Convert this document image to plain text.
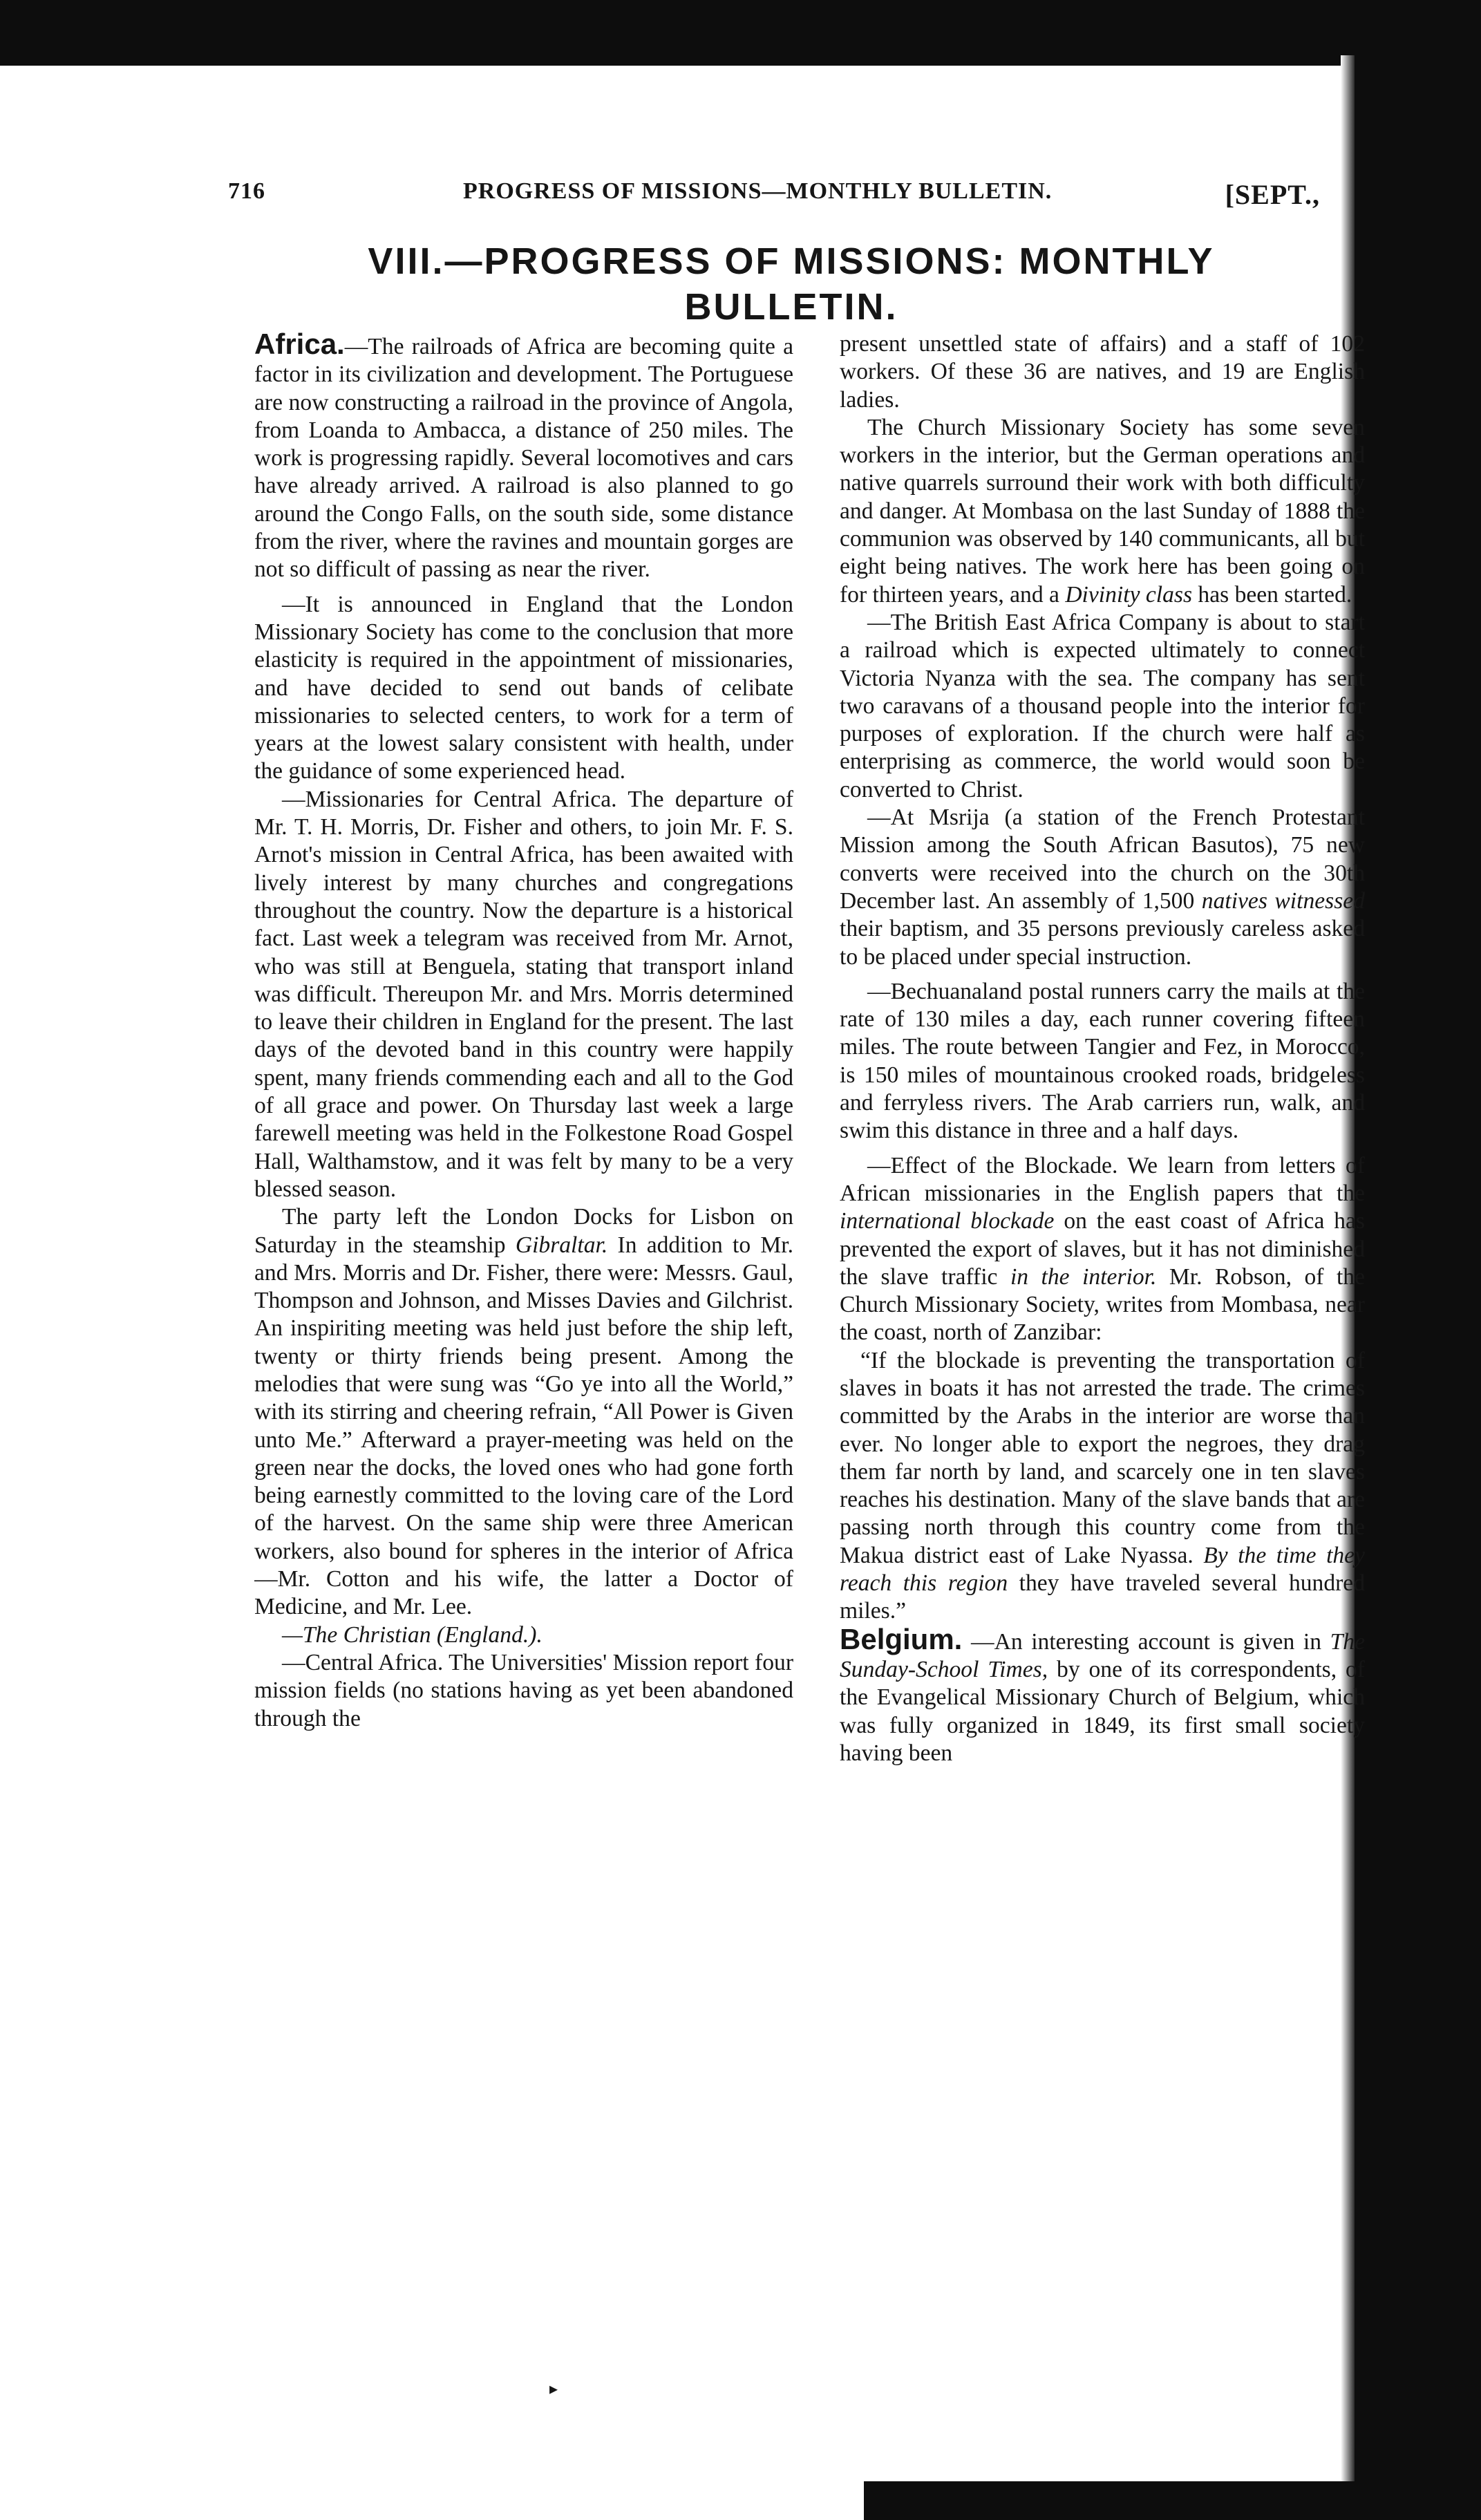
716	PROGRESS OF MISSIONS—MONTHLY BULLETIN.	[SEPT.,
VIII.—PROGRESS OF MISSIONS: MONTHLY BULLETIN.

Africa.—The railroads of Africa are becoming quite a factor in its civilization and development. The Portuguese are now constructing a railroad in the province of Angola, from Loanda to Ambacca, a distance of 250 miles. The work is progressing rapidly. Several locomotives and cars have already arrived. A railroad is also planned to go around the Congo Falls, on the south side, some distance from the river, where the ravines and mountain gorges are not so difficult of passing as near the river.

—It is announced in England that the London Missionary Society has come to the conclusion that more elasticity is required in the appointment of missionaries, and have decided to send out bands of celibate missionaries to selected centers, to work for a term of years at the lowest salary consistent with health, under the guidance of some experienced head.

—Missionaries for Central Africa. The departure of Mr. T. H. Morris, Dr. Fisher and others, to join Mr. F. S. Arnot's mission in Central Africa, has been awaited with lively interest by many churches and congregations throughout the country. Now the departure is a historical fact. Last week a telegram was received from Mr. Arnot, who was still at Benguela, stating that transport inland was difficult. Thereupon Mr. and Mrs. Morris determined to leave their children in England for the present. The last days of the devoted band in this country were happily spent, many friends commending each and all to the God of all grace and power. On Thursday last week a large farewell meeting was held in the Folkestone Road Gospel Hall, Walthamstow, and it was felt by many to be a very blessed season.

The party left the London Docks for Lisbon on Saturday in the steamship Gibraltar. In addition to Mr. and Mrs. Morris and Dr. Fisher, there were: Messrs. Gaul, Thompson and Johnson, and Misses Davies and Gilchrist. An inspiriting meeting was held just before the ship left, twenty or thirty friends being present. Among the melodies that were sung was “Go ye into all the World,” with its stirring and cheering refrain, “All Power is Given unto Me.” Afterward a prayer-meeting was held on the green near the docks, the loved ones who had gone forth being earnestly committed to the loving care of the Lord of the harvest. On the same ship were three American workers, also bound for spheres in the interior of Africa—Mr. Cotton and his wife, the latter a Doctor of Medicine, and Mr. Lee.

—The Christian (England.).

—Central Africa. The Universities' Mission report four mission fields (no stations having as yet been abandoned through the

present unsettled state of affairs) and a staff of 102 workers. Of these 36 are natives, and 19 are English ladies.

The Church Missionary Society has some seven workers in the interior, but the German operations and native quarrels surround their work with both difficulty and danger. At Mombasa on the last Sunday of 1888 the communion was observed by 140 communicants, all but eight being natives. The work here has been going on for thirteen years, and a Divinity class has been started.

—The British East Africa Company is about to start a railroad which is expected ultimately to connect Victoria Nyanza with the sea. The company has sent two caravans of a thousand people into the interior for purposes of exploration. If the church were half as enterprising as commerce, the world would soon be converted to Christ.

—At Msrija (a station of the French Protestant Mission among the South African Basutos), 75 new converts were received into the church on the 30th December last. An assembly of 1,500 natives witnessed their baptism, and 35 persons previously careless asked to be placed under special instruction.

—Bechuanaland postal runners carry the mails at the rate of 130 miles a day, each runner covering fifteen miles. The route between Tangier and Fez, in Morocco, is 150 miles of mountainous crooked roads, bridgeless and ferryless rivers. The Arab carriers run, walk, and swim this distance in three and a half days.

—Effect of the Blockade. We learn from letters of African missionaries in the English papers that the international blockade on the east coast of Africa has prevented the export of slaves, but it has not diminished the slave traffic in the interior. Mr. Robson, of the Church Missionary Society, writes from Mombasa, near the coast, north of Zanzibar:

“If the blockade is preventing the transportation of slaves in boats it has not arrested the trade. The crimes committed by the Arabs in the interior are worse than ever. No longer able to export the negroes, they drag them far north by land, and scarcely one in ten slaves reaches his destination. Many of the slave bands that are passing north through this country come from the Makua district east of Lake Nyassa. By the time they reach this region they have traveled several hundred miles.”

Belgium. —An interesting account is given in The Sunday-School Times, by one of its correspondents, of the Evangelical Missionary Church of Belgium, which was fully organized in 1849, its first small society having been

▸
